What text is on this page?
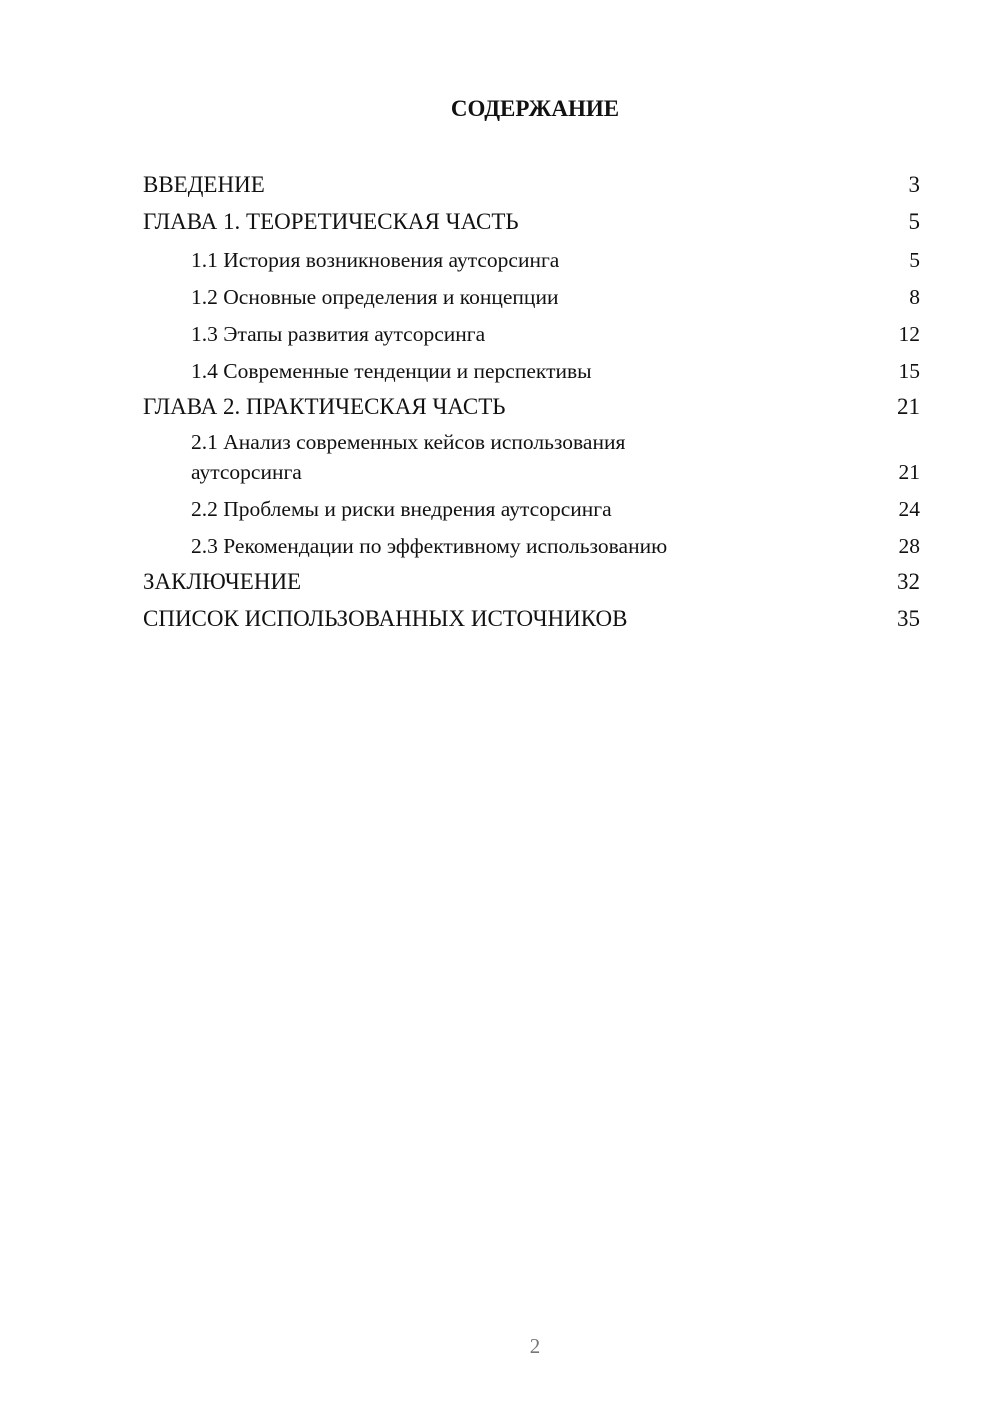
СОДЕРЖАНИЕ
ВВЕДЕНИЕ	3
ГЛАВА 1. ТЕОРЕТИЧЕСКАЯ ЧАСТЬ	5
1.1 История возникновения аутсорсинга	5
1.2 Основные определения и концепции	8
1.3 Этапы развития аутсорсинга	12
1.4 Современные тенденции и перспективы	15
ГЛАВА 2. ПРАКТИЧЕСКАЯ ЧАСТЬ	21
2.1 Анализ современных кейсов использования аутсорсинга	21
2.2 Проблемы и риски внедрения аутсорсинга	24
2.3 Рекомендации по эффективному использованию	28
ЗАКЛЮЧЕНИЕ	32
СПИСОК ИСПОЛЬЗОВАННЫХ ИСТОЧНИКОВ	35
2
